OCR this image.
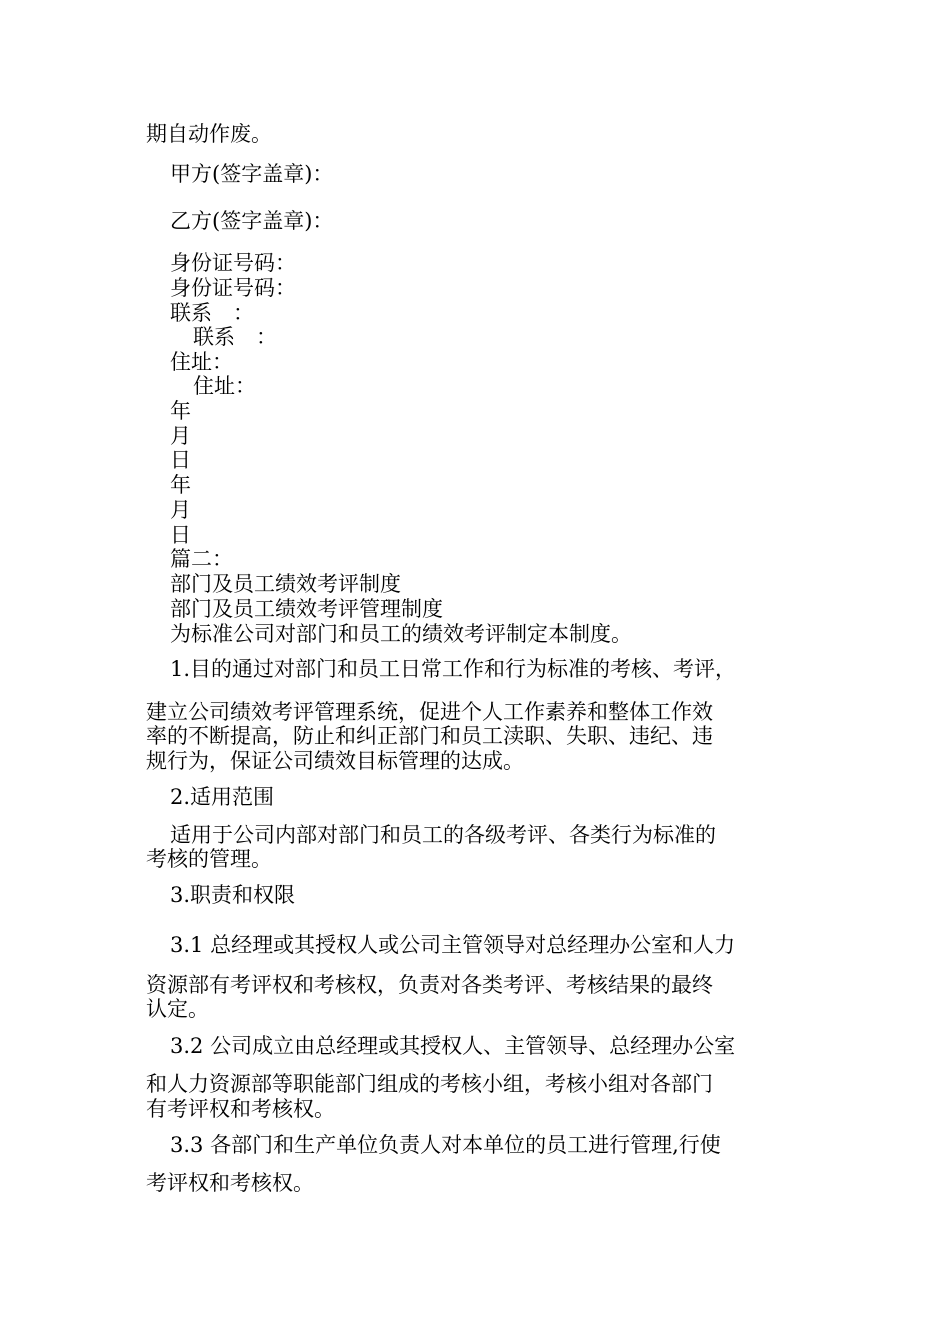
期自动作废。
甲方(签字盖章)：
乙方(签字盖章)：
身份证号码：
身份证号码：
联系　：
联系　：
住址：
住址：
年
月
日
年
月
日
篇二：
部门及员工绩效考评制度
部门及员工绩效考评管理制度
为标准公司对部门和员工的绩效考评制定本制度。
1.目的通过对部门和员工日常工作和行为标准的考核、考评，
建立公司绩效考评管理系统，促进个人工作素养和整体工作效
率的不断提高，防止和纠正部门和员工渎职、失职、违纪、违
规行为，保证公司绩效目标管理的达成。
2.适用范围
适用于公司内部对部门和员工的各级考评、各类行为标准的
考核的管理。
3.职责和权限
3.1 总经理或其授权人或公司主管领导对总经理办公室和人力
资源部有考评权和考核权，负责对各类考评、考核结果的最终
认定。
3.2 公司成立由总经理或其授权人、主管领导、总经理办公室
和人力资源部等职能部门组成的考核小组，考核小组对各部门
有考评权和考核权。
3.3 各部门和生产单位负责人对本单位的员工进行管理,行使
考评权和考核权。
